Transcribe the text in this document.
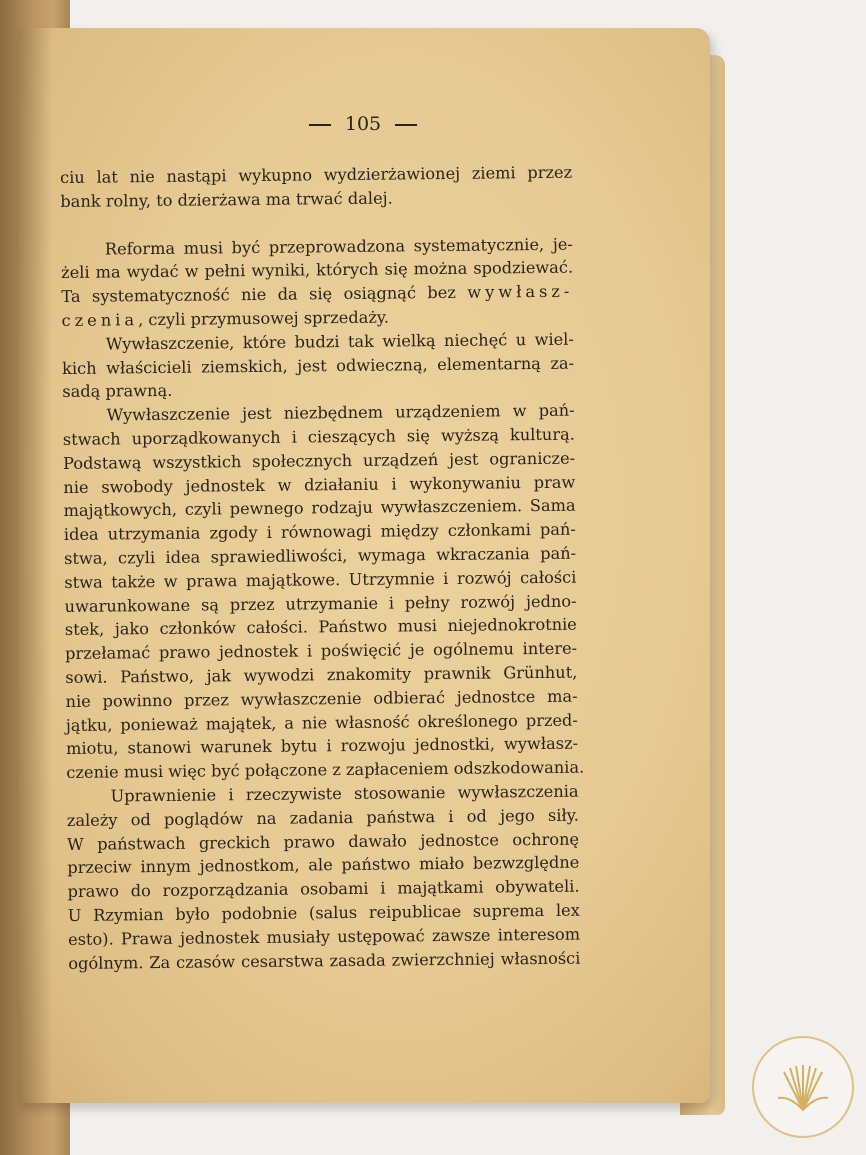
105
ciu lat nie nastąpi wykupno wydzierżawionej ziemi przez
bank rolny, to dzierżawa ma trwać dalej.
Reforma musi być przeprowadzona systematycznie, je-
żeli ma wydać w pełni wyniki, których się można spodziewać.
Ta systematyczność nie da się osiągnąć bez wywłasz-
czenia, czyli przymusowej sprzedaży.
Wywłaszczenie, które budzi tak wielką niechęć u wiel-
kich właścicieli ziemskich, jest odwieczną, elementarną za-
sadą prawną.
Wywłaszczenie jest niezbędnem urządzeniem w pań-
stwach uporządkowanych i cieszących się wyższą kulturą.
Podstawą wszystkich społecznych urządzeń jest ogranicze-
nie swobody jednostek w działaniu i wykonywaniu praw
majątkowych, czyli pewnego rodzaju wywłaszczeniem. Sama
idea utrzymania zgody i równowagi między członkami pań-
stwa, czyli idea sprawiedliwości, wymaga wkraczania pań-
stwa także w prawa majątkowe. Utrzymnie i rozwój całości
uwarunkowane są przez utrzymanie i pełny rozwój jedno-
stek, jako członków całości. Państwo musi niejednokrotnie
przełamać prawo jednostek i poświęcić je ogólnemu intere-
sowi. Państwo, jak wywodzi znakomity prawnik Grünhut,
nie powinno przez wywłaszczenie odbierać jednostce ma-
jątku, ponieważ majątek, a nie własność określonego przed-
miotu, stanowi warunek bytu i rozwoju jednostki, wywłasz-
czenie musi więc być połączone z zapłaceniem odszkodowania.
Uprawnienie i rzeczywiste stosowanie wywłaszczenia
zależy od poglądów na zadania państwa i od jego siły.
W państwach greckich prawo dawało jednostce ochronę
przeciw innym jednostkom, ale państwo miało bezwzględne
prawo do rozporządzania osobami i majątkami obywateli.
U Rzymian było podobnie (salus reipublicae suprema lex
esto). Prawa jednostek musiały ustępować zawsze interesom
ogólnym. Za czasów cesarstwa zasada zwierzchniej własności
